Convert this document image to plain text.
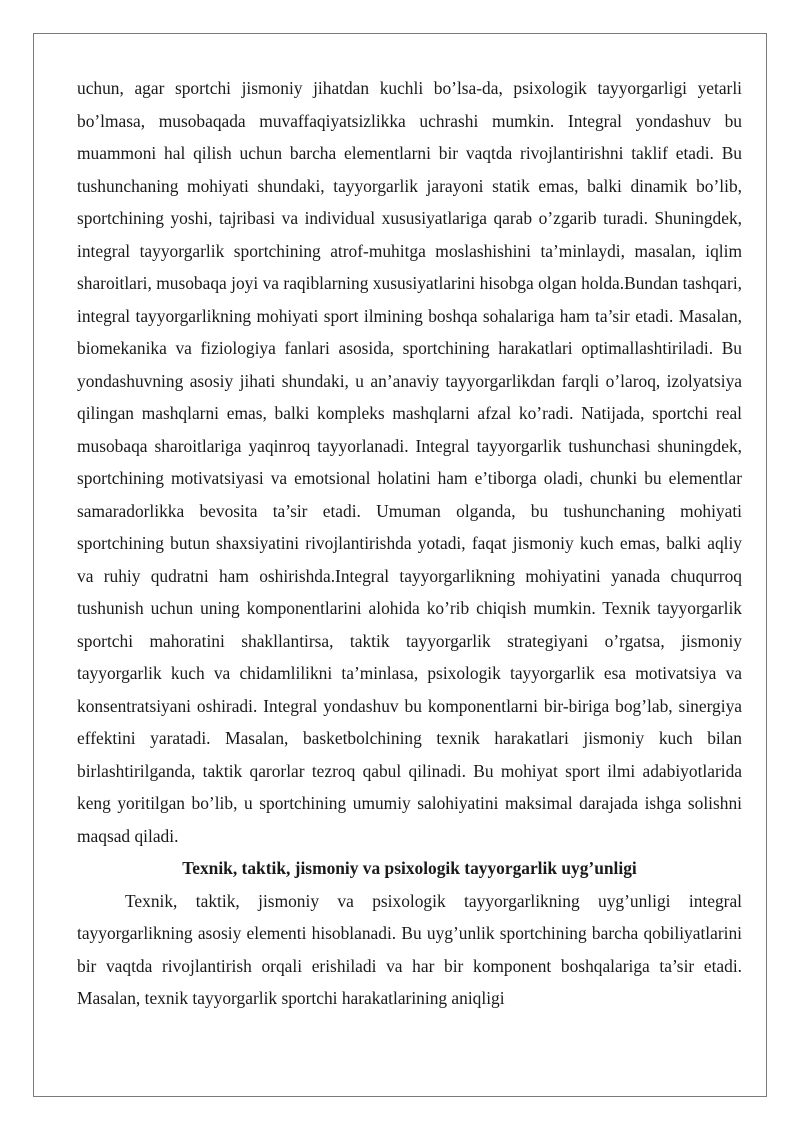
uchun, agar sportchi jismoniy jihatdan kuchli bo’lsa-da, psixologik tayyorgarligi yetarli bo’lmasa, musobaqada muvaffaqiyatsizlikka uchrashi mumkin. Integral yondashuv bu muammoni hal qilish uchun barcha elementlarni bir vaqtda rivojlantirishni taklif etadi. Bu tushunchaning mohiyati shundaki, tayyorgarlik jarayoni statik emas, balki dinamik bo’lib, sportchining yoshi, tajribasi va individual xususiyatlariga qarab o’zgarib turadi. Shuningdek, integral tayyorgarlik sportchining atrof-muhitga moslashishini ta’minlaydi, masalan, iqlim sharoitlari, musobaqa joyi va raqiblarning xususiyatlarini hisobga olgan holda.Bundan tashqari, integral tayyorgarlikning mohiyati sport ilmining boshqa sohalariga ham ta’sir etadi. Masalan, biomekanika va fiziologiya fanlari asosida, sportchining harakatlari optimallashtiriladi. Bu yondashuvning asosiy jihati shundaki, u an’anaviy tayyorgarlikdan farqli o’laroq, izolyatsiya qilingan mashqlarni emas, balki kompleks mashqlarni afzal ko’radi. Natijada, sportchi real musobaqa sharoitlariga yaqinroq tayyorlanadi. Integral tayyorgarlik tushunchasi shuningdek, sportchining motivatsiyasi va emotsional holatini ham e’tiborga oladi, chunki bu elementlar samaradorlikka bevosita ta’sir etadi. Umuman olganda, bu tushunchaning mohiyati sportchining butun shaxsiyatini rivojlantirishda yotadi, faqat jismoniy kuch emas, balki aqliy va ruhiy qudratni ham oshirishda.Integral tayyorgarlikning mohiyatini yanada chuqurroq tushunish uchun uning komponentlarini alohida ko’rib chiqish mumkin. Texnik tayyorgarlik sportchi mahoratini shakllantirsa, taktik tayyorgarlik strategiyani o’rgatsa, jismoniy tayyorgarlik kuch va chidamlilikni ta’minlasa, psixologik tayyorgarlik esa motivatsiya va konsentratsiyani oshiradi. Integral yondashuv bu komponentlarni bir-biriga bog’lab, sinergiya effektini yaratadi. Masalan, basketbolchining texnik harakatlari jismoniy kuch bilan birlashtirilganda, taktik qarorlar tezroq qabul qilinadi. Bu mohiyat sport ilmi adabiyotlarida keng yoritilgan bo’lib, u sportchining umumiy salohiyatini maksimal darajada ishga solishni maqsad qiladi.

Texnik, taktik, jismoniy va psixologik tayyorgarlik uyg’unligi

Texnik, taktik, jismoniy va psixologik tayyorgarlikning uyg’unligi integral tayyorgarlikning asosiy elementi hisoblanadi. Bu uyg’unlik sportchining barcha qobiliyatlarini bir vaqtda rivojlantirish orqali erishiladi va har bir komponent boshqalariga ta’sir etadi. Masalan, texnik tayyorgarlik sportchi harakatlarining aniqligi
